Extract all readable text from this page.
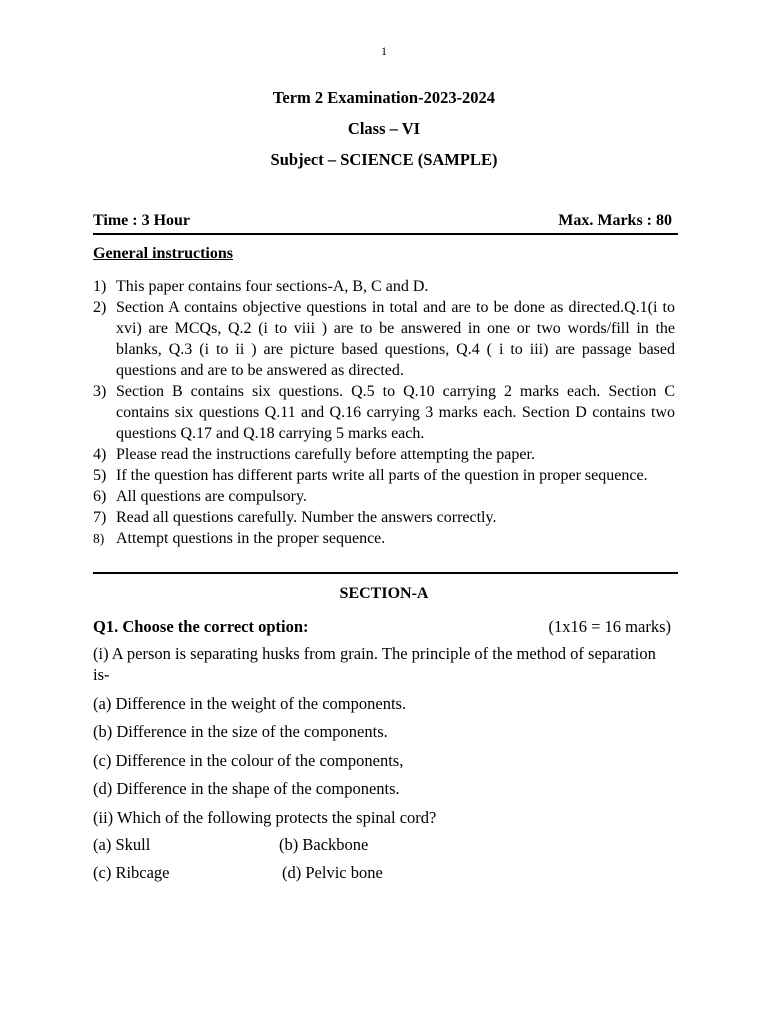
1
Term 2 Examination-2023-2024
Class – VI
Subject – SCIENCE (SAMPLE)
Time : 3 Hour	Max. Marks : 80
General instructions
1) This paper contains four sections-A, B, C and D.
2) Section A contains objective questions in total and are to be done as directed.Q.1(i to xvi) are MCQs, Q.2 (i to viii ) are to be answered in one or two words/fill in the blanks, Q.3 (i to ii ) are picture based questions, Q.4 ( i to iii) are passage based questions and are to be answered as directed.
3) Section B contains six questions. Q.5 to Q.10 carrying 2 marks each. Section C contains six questions Q.11 and Q.16 carrying 3 marks each. Section D contains two questions Q.17 and Q.18 carrying 5 marks each.
4) Please read the instructions carefully before attempting the paper.
5) If the question has different parts write all parts of the question in proper sequence.
6) All questions are compulsory.
7) Read all questions carefully. Number the answers correctly.
8) Attempt questions in the proper sequence.
SECTION-A
Q1. Choose the correct option:	(1x16 = 16 marks)
(i) A person is separating husks from grain. The principle of the method of separation is-
(a) Difference in the weight of the components.
(b) Difference in the size of the components.
(c) Difference in the colour of the components,
(d) Difference in the shape of the components.
(ii) Which of the following protects the spinal cord?
(a) Skull	(b) Backbone
(c) Ribcage	(d) Pelvic bone
